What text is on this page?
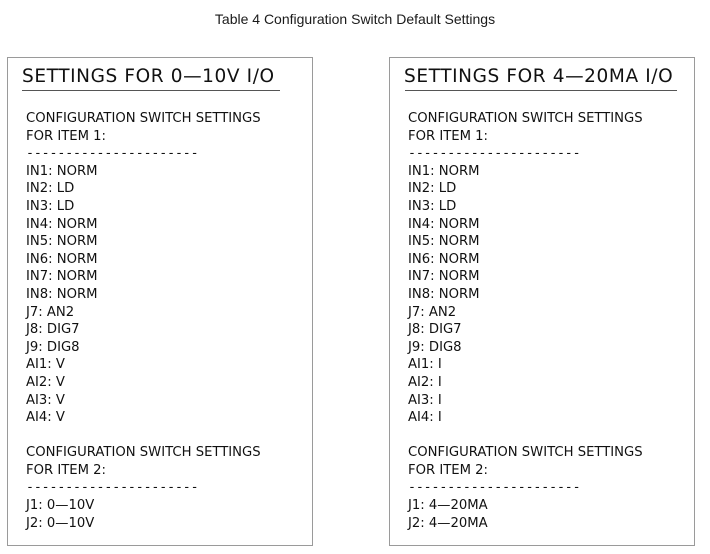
Table 4 Configuration Switch Default Settings
SETTINGS FOR 0—10V I/O
CONFIGURATION SWITCH SETTINGS
FOR ITEM 1:
----------------------
IN1: NORM
IN2: LD
IN3: LD
IN4: NORM
IN5: NORM
IN6: NORM
IN7: NORM
IN8: NORM
J7: AN2
J8: DIG7
J9: DIG8
AI1: V
AI2: V
AI3: V
AI4: V
CONFIGURATION SWITCH SETTINGS
FOR ITEM 2:
----------------------
J1: 0—10V
J2: 0—10V
SETTINGS FOR 4—20MA I/O
CONFIGURATION SWITCH SETTINGS
FOR ITEM 1:
----------------------
IN1: NORM
IN2: LD
IN3: LD
IN4: NORM
IN5: NORM
IN6: NORM
IN7: NORM
IN8: NORM
J7: AN2
J8: DIG7
J9: DIG8
AI1: I
AI2: I
AI3: I
AI4: I
CONFIGURATION SWITCH SETTINGS
FOR ITEM 2:
----------------------
J1: 4—20MA
J2: 4—20MA
